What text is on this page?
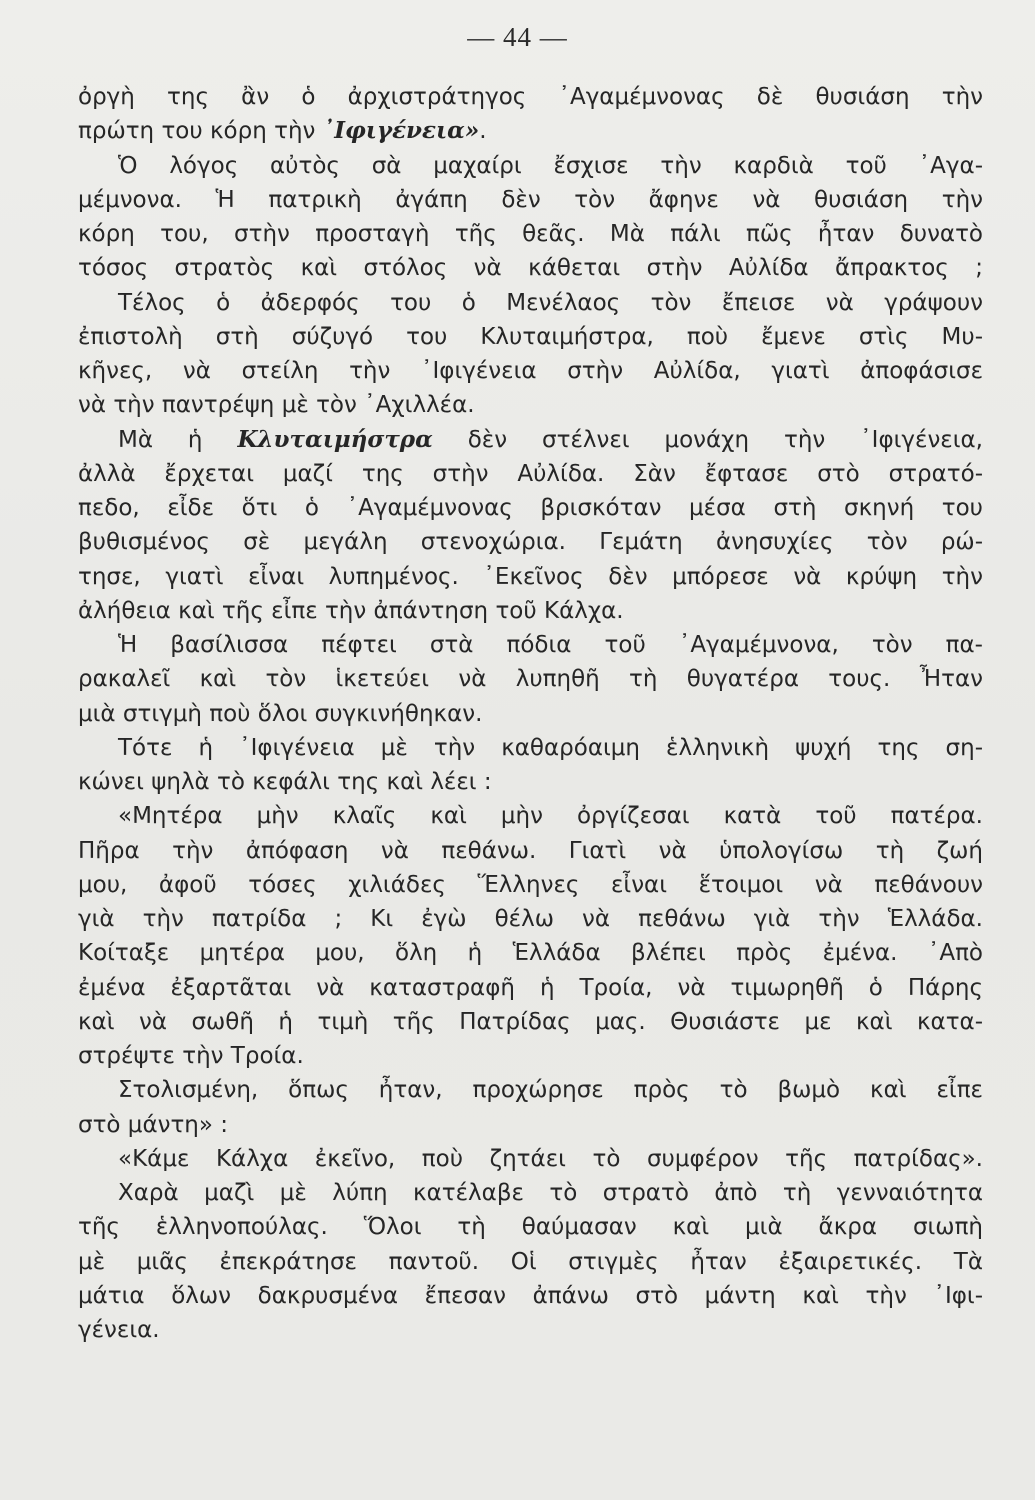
— 44 —
ὀργὴ της ἂν ὁ ἀρχιστράτηγος ᾿Αγαμέμνονας δὲ θυσιάση τὴν
πρώτη του κόρη τὴν ᾿Ιφιγένεια».
Ὁ λόγος αὐτὸς σὰ μαχαίρι ἔσχισε τὴν καρδιὰ τοῦ ᾿Αγα-
μέμνονα. Ἡ πατρικὴ ἀγάπη δὲν τὸν ἄφηνε νὰ θυσιάση τὴν
κόρη του, στὴν προσταγὴ τῆς θεᾶς. Μὰ πάλι πῶς ἦταν δυνατὸ
τόσος στρατὸς καὶ στόλος νὰ κάθεται στὴν Αὐλίδα ἄπρακτος ;
Τέλος ὁ ἀδερφός του ὁ Μενέλαος τὸν ἔπεισε νὰ γράψουν
ἐπιστολὴ στὴ σύζυγό του Κλυταιμήστρα, ποὺ ἔμενε στὶς Μυ-
κῆνες, νὰ στείλη τὴν ᾿Ιφιγένεια στὴν Αὐλίδα, γιατὶ ἀποφάσισε
νὰ τὴν παντρέψη μὲ τὸν ᾿Αχιλλέα.
Μὰ ἡ Κλυταιμήστρα δὲν στέλνει μονάχη τὴν ᾿Ιφιγένεια,
ἀλλὰ ἔρχεται μαζί της στὴν Αὐλίδα. Σὰν ἔφτασε στὸ στρατό-
πεδο, εἶδε ὅτι ὁ ᾿Αγαμέμνονας βρισκόταν μέσα στὴ σκηνή του
βυθισμένος σὲ μεγάλη στενοχώρια. Γεμάτη ἀνησυχίες τὸν ρώ-
τησε, γιατὶ εἶναι λυπημένος. ᾿Εκεῖνος δὲν μπόρεσε νὰ κρύψη τὴν
ἀλήθεια καὶ τῆς εἶπε τὴν ἀπάντηση τοῦ Κάλχα.
Ἡ βασίλισσα πέφτει στὰ πόδια τοῦ ᾿Αγαμέμνονα, τὸν πα-
ρακαλεῖ καὶ τὸν ἱκετεύει νὰ λυπηθῆ τὴ θυγατέρα τους. Ἦταν
μιὰ στιγμὴ ποὺ ὅλοι συγκινήθηκαν.
Τότε ἡ ᾿Ιφιγένεια μὲ τὴν καθαρόαιμη ἑλληνικὴ ψυχή της ση-
κώνει ψηλὰ τὸ κεφάλι της καὶ λέει :
«Μητέρα μὴν κλαῖς καὶ μὴν ὀργίζεσαι κατὰ τοῦ πατέρα.
Πῆρα τὴν ἀπόφαση νὰ πεθάνω. Γιατὶ νὰ ὑπολογίσω τὴ ζωή
μου, ἀφοῦ τόσες χιλιάδες Ἕλληνες εἶναι ἕτοιμοι νὰ πεθάνουν
γιὰ τὴν πατρίδα ; Κι ἐγὼ θέλω νὰ πεθάνω γιὰ τὴν Ἑλλάδα.
Κοίταξε μητέρα μου, ὅλη ἡ Ἑλλάδα βλέπει πρὸς ἐμένα. ᾿Απὸ
ἐμένα ἐξαρτᾶται νὰ καταστραφῆ ἡ Τροία, νὰ τιμωρηθῆ ὁ Πάρης
καὶ νὰ σωθῆ ἡ τιμὴ τῆς Πατρίδας μας. Θυσιάστε με καὶ κατα-
στρέψτε τὴν Τροία.
Στολισμένη, ὅπως ἦταν, προχώρησε πρὸς τὸ βωμὸ καὶ εἶπε
στὸ μάντη» :
«Κάμε Κάλχα ἐκεῖνο, ποὺ ζητάει τὸ συμφέρον τῆς πατρίδας».
Χαρὰ μαζὶ μὲ λύπη κατέλαβε τὸ στρατὸ ἀπὸ τὴ γενναιότητα
τῆς ἑλληνοπούλας. Ὅλοι τὴ θαύμασαν καὶ μιὰ ἄκρα σιωπὴ
μὲ μιᾶς ἐπεκράτησε παντοῦ. Οἱ στιγμὲς ἦταν ἐξαιρετικές. Τὰ
μάτια ὅλων δακρυσμένα ἔπεσαν ἀπάνω στὸ μάντη καὶ τὴν ᾿Ιφι-
γένεια.
